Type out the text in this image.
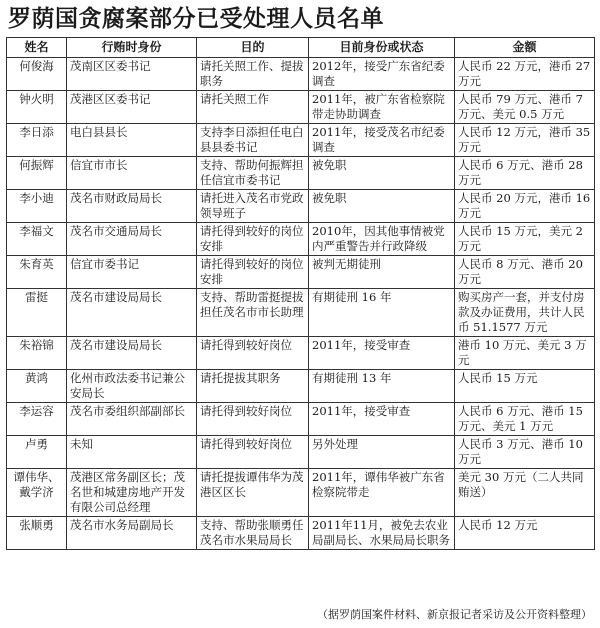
罗荫国贪腐案部分已受处理人员名单
姓名	行贿时身份	目的	目前身份或状态	金额
何俊海	茂南区区委书记	请托关照工作、提拔职务	2012年，接受广东省纪委调查	人民币 22 万元，港币 27 万元
钟火明	茂港区区委书记	请托关照工作	2011年，被广东省检察院带走协助调查	人民币 79 万元、港币 7 万元、美元 0.5 万元
李日添	电白县县长	支持李日添担任电白县县委书记	2011年，接受茂名市纪委调查	人民币 12 万元，港币 35 万元
何振辉	信宜市市长	支持、帮助何振辉担任信宜市委书记	被免职	人民币 6 万元、港币 28 万元
李小迪	茂名市财政局局长	请托进入茂名市党政领导班子	被免职	人民币 20 万元，港币 16 万元
李福文	茂名市交通局局长	请托得到较好的岗位安排	2010年，因其他事情被党内严重警告并行政降级	人民币 15 万元，美元 2 万元
朱育英	信宜市委书记	请托得到较好的岗位安排	被判无期徒刑	人民币 8 万元、港币 20 万元
雷挺	茂名市建设局局长	支持、帮助雷挺提拔担任茂名市市长助理	有期徒刑 16 年	购买房产一套，并支付房款及办证费用，共计人民币 51.1577 万元
朱裕锦	茂名市建设局局长	请托得到较好岗位	2011年，接受审查	港币 10 万元、美元 3 万元
黄鸿	化州市政法委书记兼公安局长	请托提拔其职务	有期徒刑 13 年	人民币 15 万元
李运容	茂名市委组织部副部长	请托得到较好岗位	2011年，接受审查	人民币 6 万元、港币 15 万元、美元 1 万元
卢勇	未知	请托得到较好岗位	另外处理	人民币 3 万元、港币 10 万元
谭伟华、戴学济	茂港区常务副区长；茂名世和城建房地产开发有限公司总经理	请托提拔谭伟华为茂港区区长	2011年，谭伟华被广东省检察院带走	美元 30 万元（二人共同贿送）
张顺勇	茂名市水务局副局长	支持、帮助张顺勇任茂名市水果局局长	2011年11月，被免去农业局副局长、水果局局长职务	人民币 12 万元
（据罗荫国案件材料、新京报记者采访及公开资料整理）
